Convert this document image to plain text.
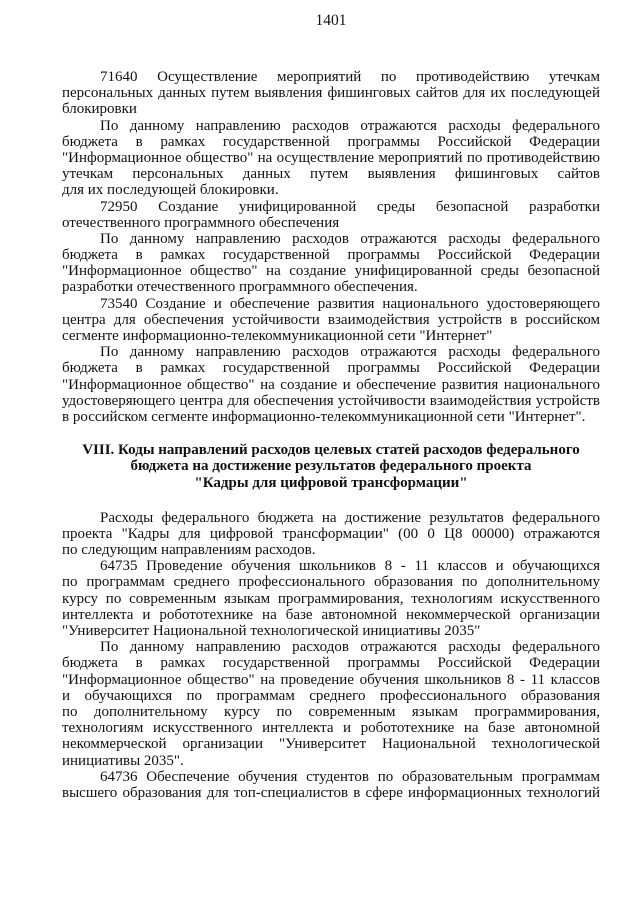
1401
71640 Осуществление мероприятий по противодействию утечкам
персональных данных путем выявления фишинговых сайтов для их последующей
блокировки
По данному направлению расходов отражаются расходы федерального
бюджета в рамках государственной программы Российской Федерации
"Информационное общество" на осуществление мероприятий по противодействию
утечкам персональных данных путем выявления фишинговых сайтов
для их последующей блокировки.
72950 Создание унифицированной среды безопасной разработки
отечественного программного обеспечения
По данному направлению расходов отражаются расходы федерального
бюджета в рамках государственной программы Российской Федерации
"Информационное общество" на создание унифицированной среды безопасной
разработки отечественного программного обеспечения.
73540 Создание и обеспечение развития национального удостоверяющего
центра для обеспечения устойчивости взаимодействия устройств в российском
сегменте информационно-телекоммуникационной сети "Интернет"
По данному направлению расходов отражаются расходы федерального
бюджета в рамках государственной программы Российской Федерации
"Информационное общество" на создание и обеспечение развития национального
удостоверяющего центра для обеспечения устойчивости взаимодействия устройств
в российском сегменте информационно-телекоммуникационной сети "Интернет".
VIII. Коды направлений расходов целевых статей расходов федерального
бюджета на достижение результатов федерального проекта
"Кадры для цифровой трансформации"
Расходы федерального бюджета на достижение результатов федерального
проекта "Кадры для цифровой трансформации" (00 0 Ц8 00000) отражаются
по следующим направлениям расходов.
64735 Проведение обучения школьников 8 - 11 классов и обучающихся
по программам среднего профессионального образования по дополнительному
курсу по современным языкам программирования, технологиям искусственного
интеллекта и робототехнике на базе автономной некоммерческой организации
"Университет Национальной технологической инициативы 2035"
По данному направлению расходов отражаются расходы федерального
бюджета в рамках государственной программы Российской Федерации
"Информационное общество" на проведение обучения школьников 8 - 11 классов
и обучающихся по программам среднего профессионального образования
по дополнительному курсу по современным языкам программирования,
технологиям искусственного интеллекта и робототехнике на базе автономной
некоммерческой организации "Университет Национальной технологической
инициативы 2035".
64736 Обеспечение обучения студентов по образовательным программам
высшего образования для топ-специалистов в сфере информационных технологий
